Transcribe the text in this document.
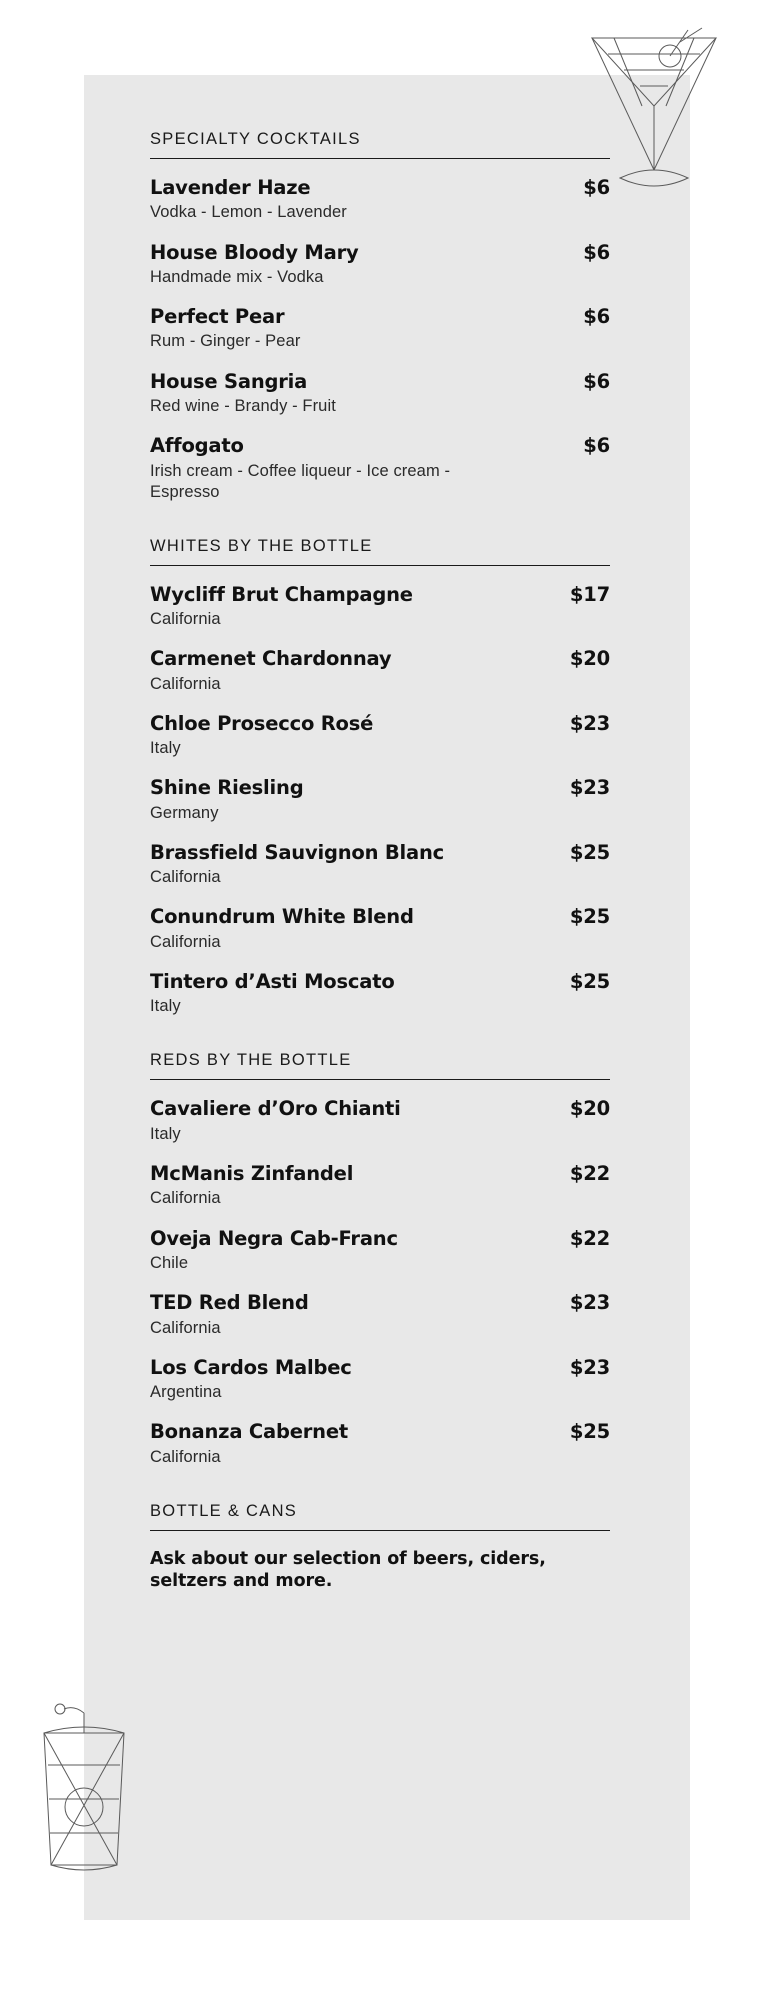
SPECIALTY COCKTAILS
Lavender Haze	$6
Vodka - Lemon - Lavender
House Bloody Mary	$6
Handmade mix - Vodka
Perfect Pear	$6
Rum - Ginger - Pear
House Sangria	$6
Red wine - Brandy - Fruit
Affogato	$6
Irish cream - Coffee liqueur - Ice cream - Espresso
WHITES BY THE BOTTLE
Wycliff Brut Champagne	$17
California
Carmenet Chardonnay	$20
California
Chloe Prosecco Rosé	$23
Italy
Shine Riesling	$23
Germany
Brassfield Sauvignon Blanc	$25
California
Conundrum White Blend	$25
California
Tintero d’Asti Moscato	$25
Italy
REDS BY THE BOTTLE
Cavaliere d’Oro Chianti	$20
Italy
McManis Zinfandel	$22
California
Oveja Negra Cab-Franc	$22
Chile
TED Red Blend	$23
California
Los Cardos Malbec	$23
Argentina
Bonanza Cabernet	$25
California
BOTTLE & CANS
Ask about our selection of beers, ciders, seltzers and more.
